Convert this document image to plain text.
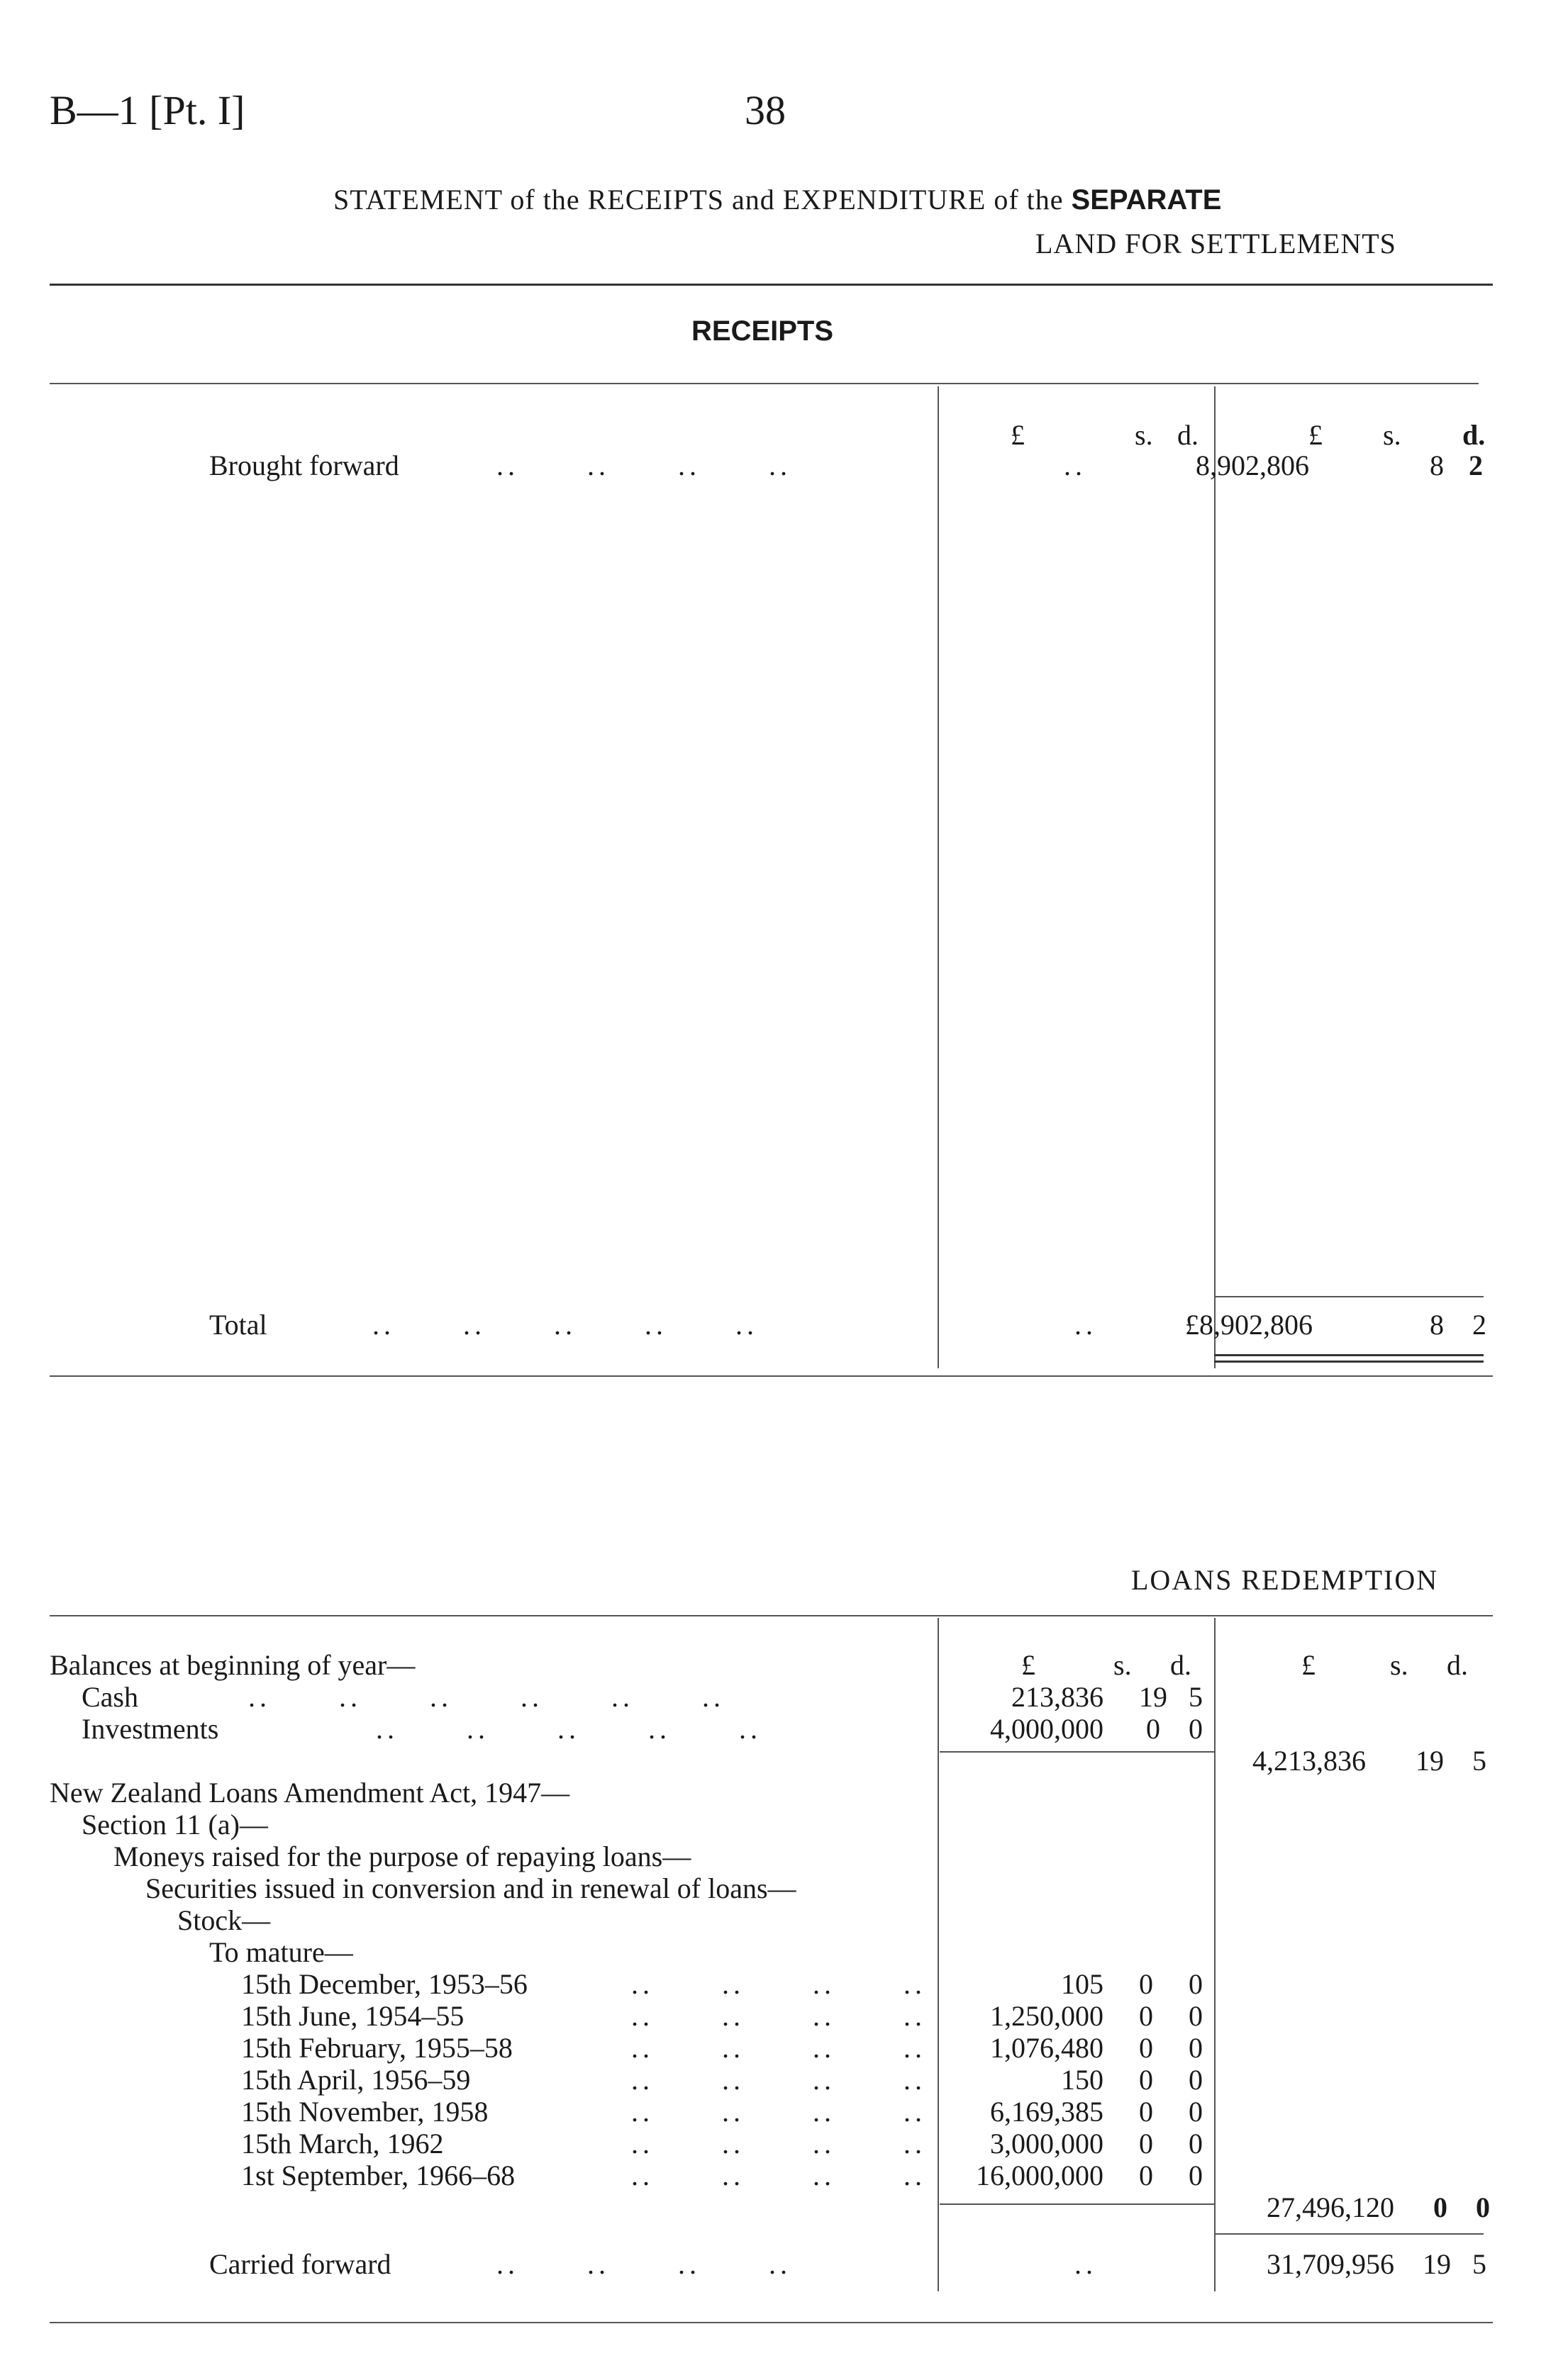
B—1 [Pt. I]	38
STATEMENT of the RECEIPTS and EXPENDITURE of the SEPARATE
LAND FOR SETTLEMENTS
RECEIPTS
£	s. d.	£ s. d.
Brought forward	..      ..      ..      ..	..	8,902,806	8 2
Total	..      ..      ..      ..      ..	..	£8,902,806	8 2
LOANS REDEMPTION
£	s. d.	£	s. d.
Balances at beginning of year—
Cash	..      ..      ..      ..      ..      ..	213,836 19 5
Investments	..      ..      ..      ..      ..	4,000,000 0 0
4,213,836 19 5
New Zealand Loans Amendment Act, 1947—
Section 11 (a)—
Moneys raised for the purpose of repaying loans—
Securities issued in conversion and in renewal of loans—
Stock—
To mature—
15th December, 1953–56	..      ..      ..      ..	105 0 0
15th June, 1954–55	..      ..      ..      .. 1,250,000 0 0
15th February, 1955–58	..      ..      ..      .. 1,076,480 0 0
15th April, 1956–59	..      ..      ..      ..	150 0 0
15th November, 1958	..      ..      ..      .. 6,169,385 0 0
15th March, 1962	..      ..      ..      .. 3,000,000 0 0
1st September, 1966–68	..      ..      ..      .. 16,000,000 0 0
27,496,120 0 0
Carried forward	..      ..      ..      ..	..	31,709,956 19 5
